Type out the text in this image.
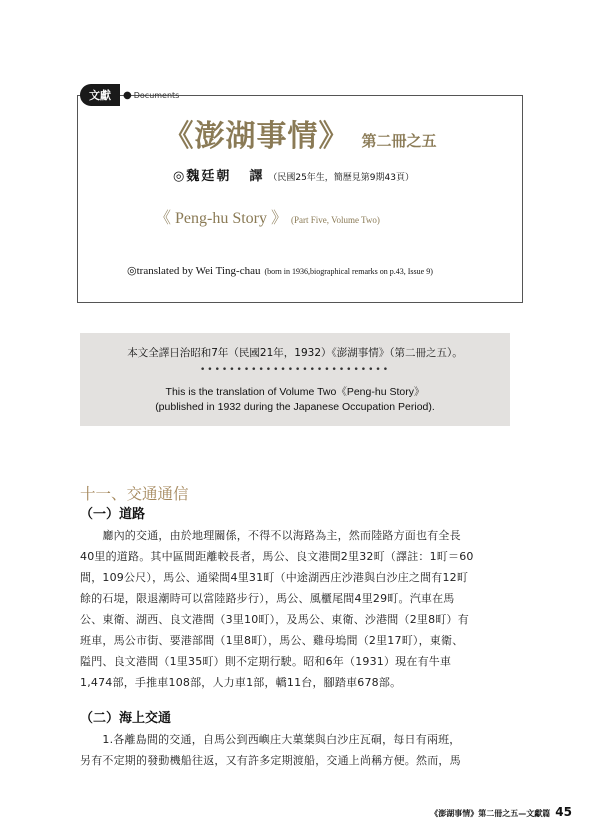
文獻	● Documents
《澎湖事情》 第二冊之五
◎魏廷朝 譯 （民國25年生，簡歷見第9期43頁）
《 Peng-hu Story 》 (Part Five, Volume Two)
◎translated by Wei Ting-chau (born in 1936,biographical remarks on p.43, Issue 9)
本文全譯日治昭和7年（民國21年，1932）《澎湖事情》（第二冊之五）。
••••••••••••••••••••••••••
This is the translation of Volume Two《Peng-hu Story》
(published in 1932 during the Japanese Occupation Period).
十一、交通通信
（一）道路
　　廳內的交通，由於地理關係，不得不以海路為主，然而陸路方面也有全長
40里的道路。其中區間距離較長者，馬公、良文港間2里32町（譯註：1町＝60
間，109公尺），馬公、通梁間4里31町（中途湖西庄沙港與白沙庄之間有12町
餘的石堤，限退潮時可以當陸路步行），馬公、風櫃尾間4里29町。汽車在馬
公、東衛、湖西、良文港間（3里10町），及馬公、東衛、沙港間（2里8町）有
班車，馬公市街、要港部間（1里8町），馬公、雞母塢間（2里17町），東衛、
隘門、良文港間（1里35町）則不定期行駛。昭和6年（1931）現在有牛車
1,474部，手推車108部，人力車1部，轎11台，腳踏車678部。
（二）海上交通
　　1.各離島間的交通，自馬公到西嶼庄大菓葉與白沙庄瓦硐，每日有兩班，
另有不定期的發動機船往返，又有許多定期渡船，交通上尚稱方便。然而，馬
《澎湖事情》第二冊之五—文獻篇 45
